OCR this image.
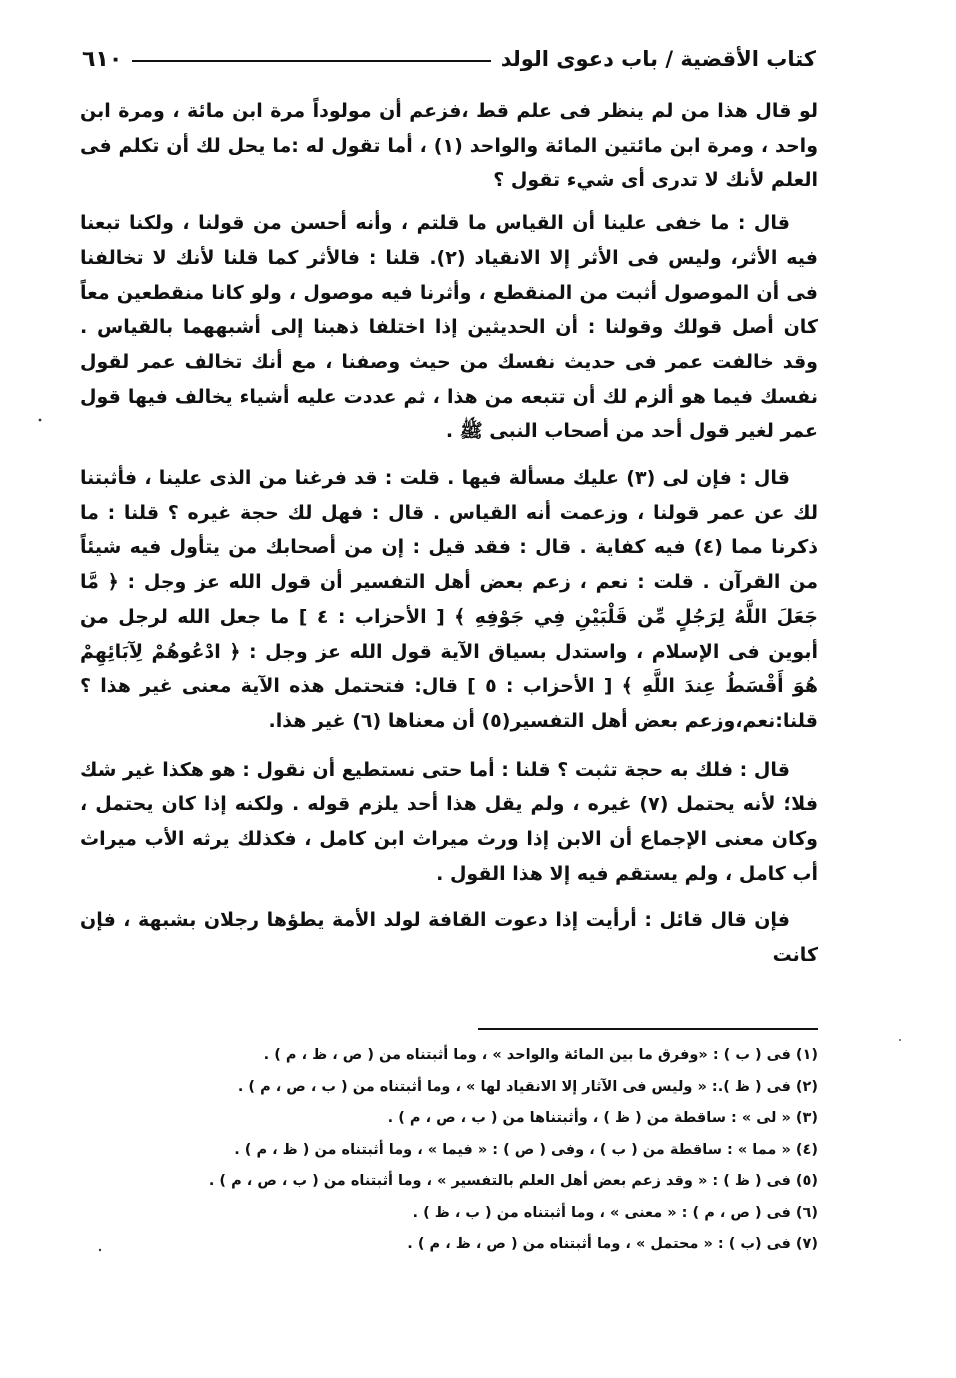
كتاب الأقضية / باب دعوى الولد
٦١٠

لو قال هذا من لم ينظر فى علم قط ،فزعم أن مولوداً مرة ابن مائة ، ومرة ابن واحد ، ومرة ابن مائتين المائة والواحد (١) ، أما تقول له :ما يحل لك أن تكلم فى العلم لأنك لا تدرى أى شيء تقول ؟

قال : ما خفى علينا أن القياس ما قلتم ، وأنه أحسن من قولنا ، ولكنا تبعنا فيه الأثر، وليس فى الأثر إلا الانقياد (٢). قلنا : فالأثر كما قلنا لأنك لا تخالفنا فى أن الموصول أثبت من المنقطع ، وأثرنا فيه موصول ، ولو كانا منقطعين معاً كان أصل قولك وقولنا : أن الحديثين إذا اختلفا ذهبنا إلى أشبههما بالقياس . وقد خالفت عمر فى حديث نفسك من حيث وصفنا ، مع أنك تخالف عمر لقول نفسك فيما هو ألزم لك أن تتبعه من هذا ، ثم عددت عليه أشياء يخالف فيها قول عمر لغير قول أحد من أصحاب النبى ﷺ .

قال : فإن لى (٣) عليك مسألة فيها . قلت : قد فرغنا من الذى علينا ، فأثبتنا لك عن عمر قولنا ، وزعمت أنه القياس . قال : فهل لك حجة غيره ؟ قلنا : ما ذكرنا مما (٤) فيه كفاية . قال : فقد قيل : إن من أصحابك من يتأول فيه شيئاً من القرآن . قلت : نعم ، زعم بعض أهل التفسير أن قول الله عز وجل : ﴿ مَّا جَعَلَ اللَّهُ لِرَجُلٍ مِّن قَلْبَيْنِ فِي جَوْفِهِ ﴾ [ الأحزاب : ٤ ] ما جعل الله لرجل من أبوين فى الإسلام ، واستدل بسياق الآية قول الله عز وجل : ﴿ ادْعُوهُمْ لِآبَائِهِمْ هُوَ أَقْسَطُ عِندَ اللَّهِ ﴾ [ الأحزاب : ٥ ] قال: فتحتمل هذه الآية معنى غير هذا ؟ قلنا:نعم،وزعم بعض أهل التفسير(٥) أن معناها (٦) غير هذا.

قال : فلك به حجة تثبت ؟ قلنا : أما حتى نستطيع أن نقول : هو هكذا غير شك فلا؛ لأنه يحتمل (٧) غيره ، ولم يقل هذا أحد يلزم قوله . ولكنه إذا كان يحتمل ، وكان معنى الإجماع أن الابن إذا ورث ميراث ابن كامل ، فكذلك يرثه الأب ميراث أب كامل ، ولم يستقم فيه إلا هذا القول .

فإن قال قائل : أرأيت إذا دعوت القافة لولد الأمة يطؤها رجلان بشبهة ، فإن كانت

(١) فى ( ب ) : «وفرق ما بين المائة والواحد » ، وما أثبتناه من ( ص ، ظ ، م ) .
(٢) فى ( ظ ).: « وليس فى الآثار إلا الانقياد لها » ، وما أثبتناه من ( ب ، ص ، م ) .
(٣) « لى » : ساقطة من ( ظ ) ، وأثبتناها من ( ب ، ص ، م ) .
(٤) « مما » : ساقطة من ( ب ) ، وفى ( ص ) : « فيما » ، وما أثبتناه من ( ظ ، م ) .
(٥) فى ( ظ ) : « وقد زعم بعض أهل العلم بالتفسير » ، وما أثبتناه من ( ب ، ص ، م ) .
(٦) فى ( ص ، م ) : « معنى » ، وما أثبتناه من ( ب ، ظ ) .
(٧) فى (ب ) : « محتمل » ، وما أثبتناه من ( ص ، ظ ، م ) .
